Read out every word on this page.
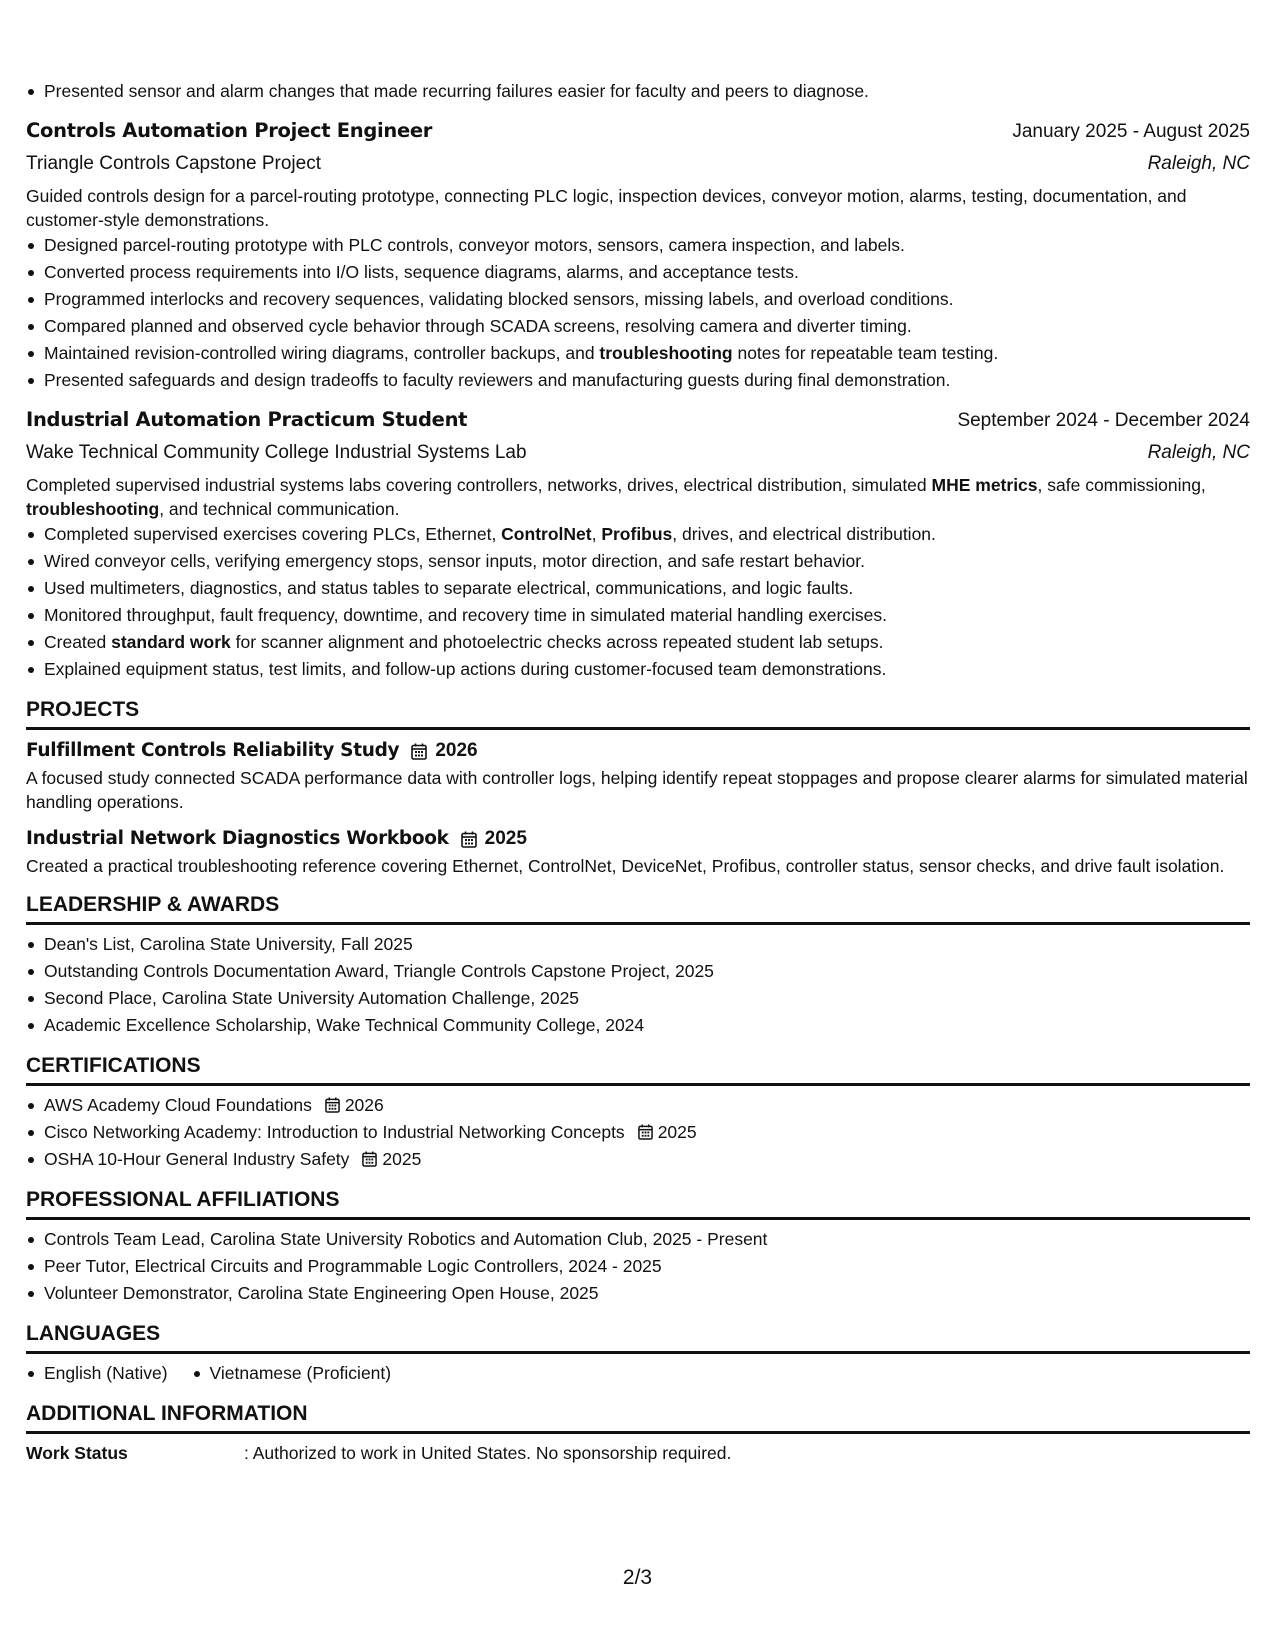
Presented sensor and alarm changes that made recurring failures easier for faculty and peers to diagnose.
Controls Automation Project Engineer	January 2025 - August 2025
Triangle Controls Capstone Project	Raleigh, NC
Guided controls design for a parcel-routing prototype, connecting PLC logic, inspection devices, conveyor motion, alarms, testing, documentation, and customer-style demonstrations.
Designed parcel-routing prototype with PLC controls, conveyor motors, sensors, camera inspection, and labels.
Converted process requirements into I/O lists, sequence diagrams, alarms, and acceptance tests.
Programmed interlocks and recovery sequences, validating blocked sensors, missing labels, and overload conditions.
Compared planned and observed cycle behavior through SCADA screens, resolving camera and diverter timing.
Maintained revision-controlled wiring diagrams, controller backups, and troubleshooting notes for repeatable team testing.
Presented safeguards and design tradeoffs to faculty reviewers and manufacturing guests during final demonstration.
Industrial Automation Practicum Student	September 2024 - December 2024
Wake Technical Community College Industrial Systems Lab	Raleigh, NC
Completed supervised industrial systems labs covering controllers, networks, drives, electrical distribution, simulated MHE metrics, safe commissioning, troubleshooting, and technical communication.
Completed supervised exercises covering PLCs, Ethernet, ControlNet, Profibus, drives, and electrical distribution.
Wired conveyor cells, verifying emergency stops, sensor inputs, motor direction, and safe restart behavior.
Used multimeters, diagnostics, and status tables to separate electrical, communications, and logic faults.
Monitored throughput, fault frequency, downtime, and recovery time in simulated material handling exercises.
Created standard work for scanner alignment and photoelectric checks across repeated student lab setups.
Explained equipment status, test limits, and follow-up actions during customer-focused team demonstrations.
PROJECTS
Fulfillment Controls Reliability Study 2026
A focused study connected SCADA performance data with controller logs, helping identify repeat stoppages and propose clearer alarms for simulated material handling operations.
Industrial Network Diagnostics Workbook 2025
Created a practical troubleshooting reference covering Ethernet, ControlNet, DeviceNet, Profibus, controller status, sensor checks, and drive fault isolation.
LEADERSHIP & AWARDS
Dean's List, Carolina State University, Fall 2025
Outstanding Controls Documentation Award, Triangle Controls Capstone Project, 2025
Second Place, Carolina State University Automation Challenge, 2025
Academic Excellence Scholarship, Wake Technical Community College, 2024
CERTIFICATIONS
AWS Academy Cloud Foundations 2026
Cisco Networking Academy: Introduction to Industrial Networking Concepts 2025
OSHA 10-Hour General Industry Safety 2025
PROFESSIONAL AFFILIATIONS
Controls Team Lead, Carolina State University Robotics and Automation Club, 2025 - Present
Peer Tutor, Electrical Circuits and Programmable Logic Controllers, 2024 - 2025
Volunteer Demonstrator, Carolina State Engineering Open House, 2025
LANGUAGES
English (Native)	Vietnamese (Proficient)
ADDITIONAL INFORMATION
Work Status	: Authorized to work in United States. No sponsorship required.
2/3
